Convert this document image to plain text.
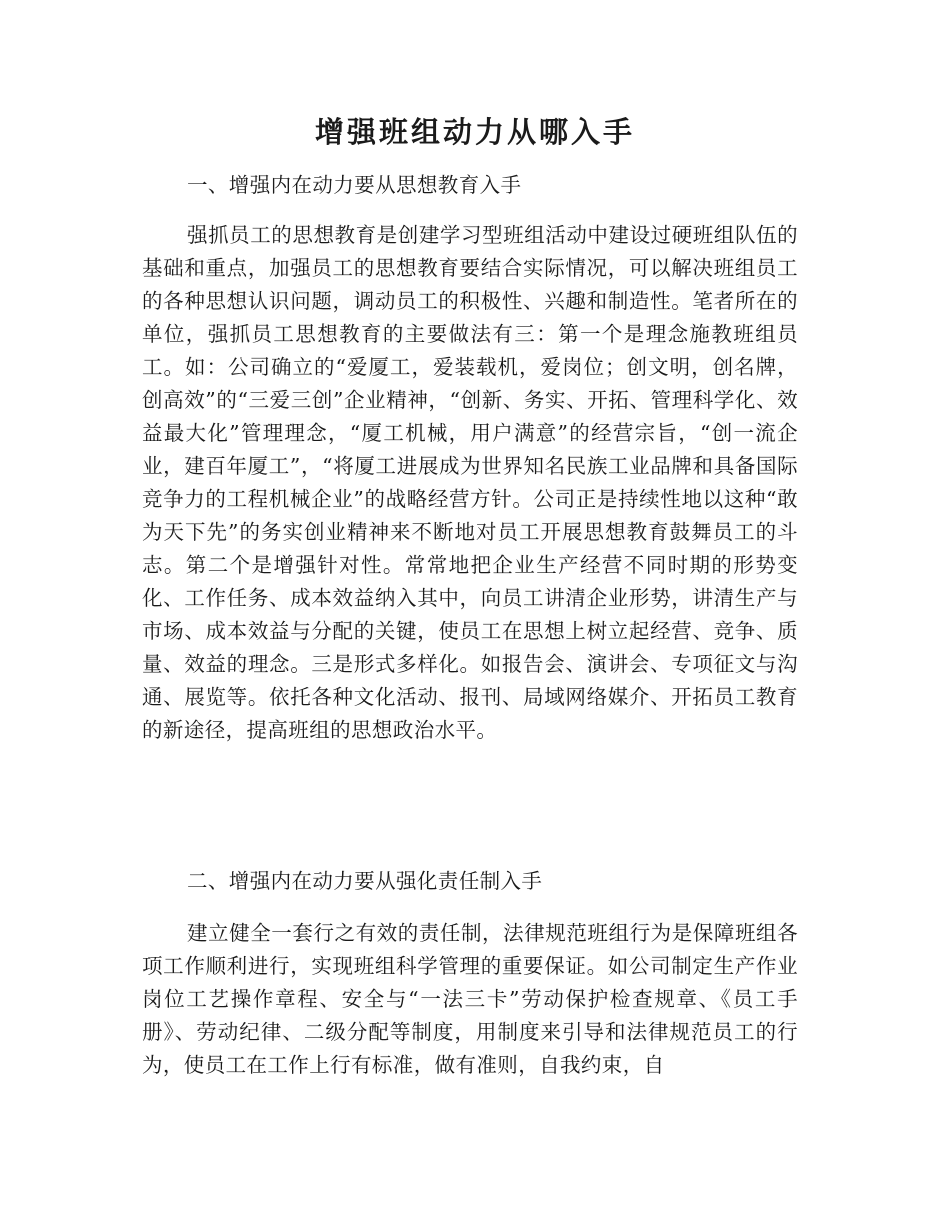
增强班组动力从哪入手

一、增强内在动力要从思想教育入手

强抓员工的思想教育是创建学习型班组活动中建设过硬班组队伍的基础和重点，加强员工的思想教育要结合实际情况，可以解决班组员工的各种思想认识问题，调动员工的积极性、兴趣和制造性。笔者所在的单位，强抓员工思想教育的主要做法有三：第一个是理念施教班组员工。如：公司确立的“爱厦工，爱装载机，爱岗位；创文明，创名牌，创高效”的“三爱三创”企业精神，“创新、务实、开拓、管理科学化、效益最大化”管理理念，“厦工机械，用户满意”的经营宗旨，“创一流企业，建百年厦工”，“将厦工进展成为世界知名民族工业品牌和具备国际竞争力的工程机械企业”的战略经营方针。公司正是持续性地以这种“敢为天下先”的务实创业精神来不断地对员工开展思想教育鼓舞员工的斗志。第二个是增强针对性。常常地把企业生产经营不同时期的形势变化、工作任务、成本效益纳入其中，向员工讲清企业形势，讲清生产与市场、成本效益与分配的关键，使员工在思想上树立起经营、竞争、质量、效益的理念。三是形式多样化。如报告会、演讲会、专项征文与沟通、展览等。依托各种文化活动、报刊、局域网络媒介、开拓员工教育的新途径，提高班组的思想政治水平。

二、增强内在动力要从强化责任制入手

建立健全一套行之有效的责任制，法律规范班组行为是保障班组各项工作顺利进行，实现班组科学管理的重要保证。如公司制定生产作业岗位工艺操作章程、安全与“一法三卡”劳动保护检查规章、《员工手册》、劳动纪律、二级分配等制度，用制度来引导和法律规范员工的行为，使员工在工作上行有标准，做有准则，自我约束，自
